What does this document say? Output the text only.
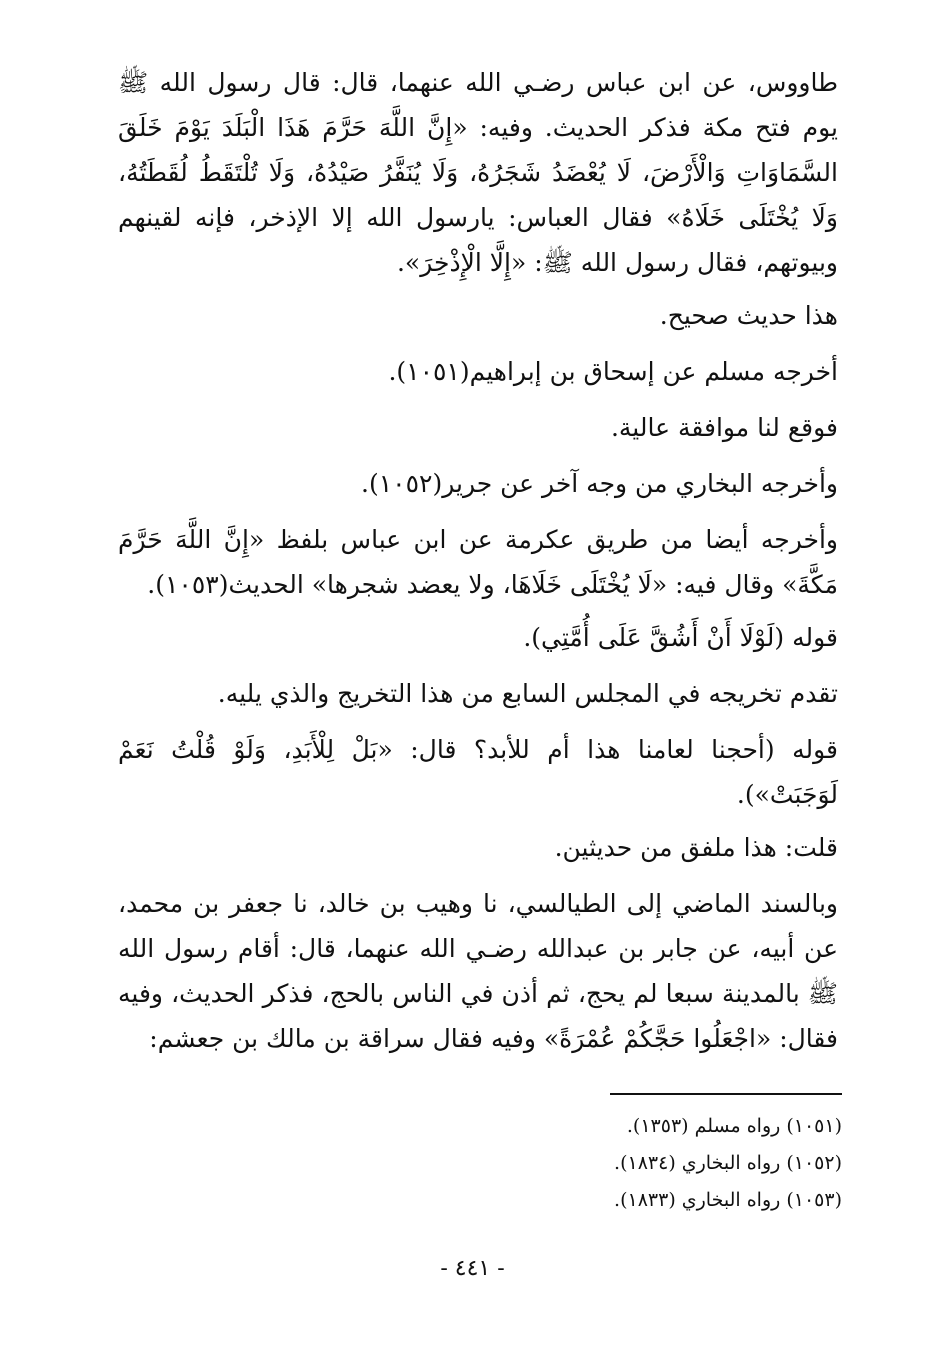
طاووس، عن ابن عباس رضـي الله عنهما، قال: قال رسول الله ﷺ يوم فتح مكة فذكر الحديث. وفيه: «إِنَّ اللَّهَ حَرَّمَ هَذَا الْبَلَدَ يَوْمَ خَلَقَ السَّمَاوَاتِ وَالْأَرْضَ، لَا يُعْضَدُ شَجَرُهُ، وَلَا يُنَفَّرُ صَيْدُهُ، وَلَا تُلْتَقَطُ لُقَطَتُهُ، وَلَا يُخْتَلَى خَلَاهُ» فقال العباس: يارسول الله إلا الإذخر، فإنه لقينهم وبيوتهم، فقال رسول الله ﷺ: «إِلَّا الْإِذْخِرَ».

هذا حديث صحيح.

أخرجه مسلم عن إسحاق بن إبراهيم(١٠٥١).

فوقع لنا موافقة عالية.

وأخرجه البخاري من وجه آخر عن جرير(١٠٥٢).

وأخرجه أيضا من طريق عكرمة عن ابن عباس بلفظ «إِنَّ اللَّهَ حَرَّمَ مَكَّةَ» وقال فيه: «لَا يُخْتَلَى خَلَاهَا، ولا يعضد شجرها» الحديث(١٠٥٣).

قوله (لَوْلَا أَنْ أَشُقَّ عَلَى أُمَّتِي).

تقدم تخريجه في المجلس السابع من هذا التخريج والذي يليه.

قوله (أحجنا لعامنا هذا أم للأبد؟ قال: «بَلْ لِلْأَبَدِ، وَلَوْ قُلْتُ نَعَمْ لَوَجَبَتْ»).

قلت: هذا ملفق من حديثين.

وبالسند الماضي إلى الطيالسي، نا وهيب بن خالد، نا جعفر بن محمد، عن أبيه، عن جابر بن عبدالله رضـي الله عنهما، قال: أقام رسول الله ﷺ بالمدينة سبعا لم يحج، ثم أذن في الناس بالحج، فذكر الحديث، وفيه فقال: «اجْعَلُوا حَجَّكُمْ عُمْرَةً» وفيه فقال سراقة بن مالك بن جعشم:

(١٠٥١) رواه مسلم (١٣٥٣).
(١٠٥٢) رواه البخاري (١٨٣٤).
(١٠٥٣) رواه البخاري (١٨٣٣).
- ٤٤١ -
